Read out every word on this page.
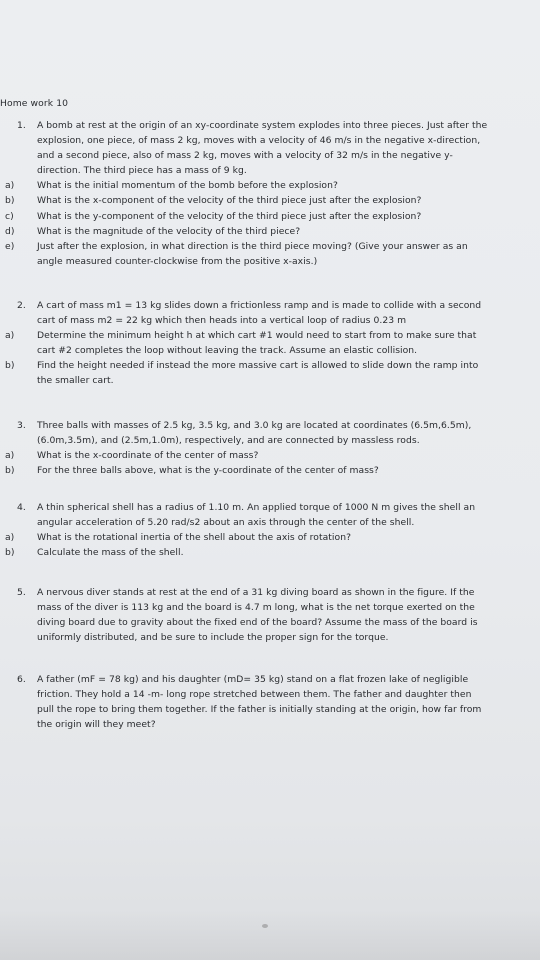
Home work 10
1.	A bomb at rest at the origin of an xy-coordinate system explodes into three pieces. Just after the
explosion, one piece, of mass 2 kg, moves with a velocity of 46 m/s in the negative x-direction,
and a second piece, also of mass 2 kg, moves with a velocity of 32 m/s in the negative y-
direction. The third piece has a mass of 9 kg.
a)	What is the initial momentum of the bomb before the explosion?
b)	What is the x-component of the velocity of the third piece just after the explosion?
c)	What is the y-component of the velocity of the third piece just after the explosion?
d)	What is the magnitude of the velocity of the third piece?
e)	Just after the explosion, in what direction is the third piece moving? (Give your answer as an
angle measured counter-clockwise from the positive x-axis.)
2.	A cart of mass m1 = 13 kg slides down a frictionless ramp and is made to collide with a second
cart of mass m2 = 22 kg which then heads into a vertical loop of radius 0.23 m
a)	Determine the minimum height h at which cart #1 would need to start from to make sure that
cart #2 completes the loop without leaving the track. Assume an elastic collision.
b)	Find the height needed if instead the more massive cart is allowed to slide down the ramp into
the smaller cart.
3.	Three balls with masses of 2.5 kg, 3.5 kg, and 3.0 kg are located at coordinates (6.5m,6.5m),
(6.0m,3.5m), and (2.5m,1.0m), respectively, and are connected by massless rods.
a)	What is the x-coordinate of the center of mass?
b)	For the three balls above, what is the y-coordinate of the center of mass?
4.	A thin spherical shell has a radius of 1.10 m. An applied torque of 1000 N m gives the shell an
angular acceleration of 5.20 rad/s2 about an axis through the center of the shell.
a)	What is the rotational inertia of the shell about the axis of rotation?
b)	Calculate the mass of the shell.
5.	A nervous diver stands at rest at the end of a 31 kg diving board as shown in the figure. If the
mass of the diver is 113 kg and the board is 4.7 m long, what is the net torque exerted on the
diving board due to gravity about the fixed end of the board? Assume the mass of the board is
uniformly distributed, and be sure to include the proper sign for the torque.
6.	A father (mF = 78 kg) and his daughter (mD= 35 kg) stand on a flat frozen lake of negligible
friction. They hold a 14 -m- long rope stretched between them. The father and daughter then
pull the rope to bring them together. If the father is initially standing at the origin, how far from
the origin will they meet?
